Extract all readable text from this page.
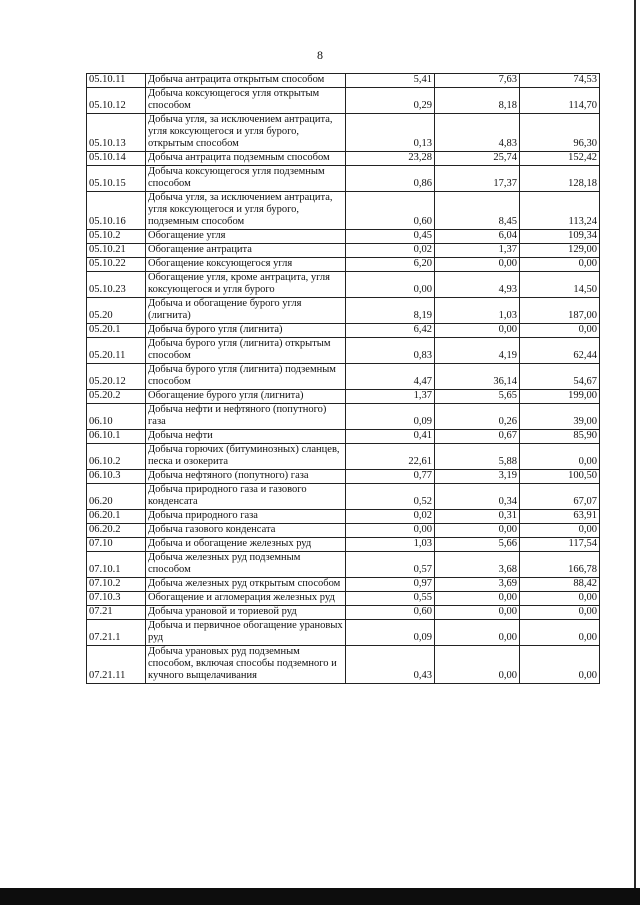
8
05.10.11	Добыча антрацита открытым способом	5,41	7,63	74,53
05.10.12	Добыча коксующегося угля открытым способом	0,29	8,18	114,70
05.10.13	Добыча угля, за исключением антрацита, угля коксующегося и угля бурого, открытым способом	0,13	4,83	96,30
05.10.14	Добыча антрацита подземным способом	23,28	25,74	152,42
05.10.15	Добыча коксующегося угля подземным способом	0,86	17,37	128,18
05.10.16	Добыча угля, за исключением антрацита, угля коксующегося и угля бурого, подземным способом	0,60	8,45	113,24
05.10.2	Обогащение угля	0,45	6,04	109,34
05.10.21	Обогащение антрацита	0,02	1,37	129,00
05.10.22	Обогащение коксующегося угля	6,20	0,00	0,00
05.10.23	Обогащение угля, кроме антрацита, угля коксующегося и угля бурого	0,00	4,93	14,50
05.20	Добыча и обогащение бурого угля (лигнита)	8,19	1,03	187,00
05.20.1	Добыча бурого угля (лигнита)	6,42	0,00	0,00
05.20.11	Добыча бурого угля (лигнита) открытым способом	0,83	4,19	62,44
05.20.12	Добыча бурого угля (лигнита) подземным способом	4,47	36,14	54,67
05.20.2	Обогащение бурого угля (лигнита)	1,37	5,65	199,00
06.10	Добыча нефти и нефтяного (попутного) газа	0,09	0,26	39,00
06.10.1	Добыча нефти	0,41	0,67	85,90
06.10.2	Добыча горючих (битуминозных) сланцев, песка и озокерита	22,61	5,88	0,00
06.10.3	Добыча нефтяного (попутного) газа	0,77	3,19	100,50
06.20	Добыча природного газа и газового конденсата	0,52	0,34	67,07
06.20.1	Добыча природного газа	0,02	0,31	63,91
06.20.2	Добыча газового конденсата	0,00	0,00	0,00
07.10	Добыча и обогащение железных руд	1,03	5,66	117,54
07.10.1	Добыча железных руд подземным способом	0,57	3,68	166,78
07.10.2	Добыча железных руд открытым способом	0,97	3,69	88,42
07.10.3	Обогащение и агломерация железных руд	0,55	0,00	0,00
07.21	Добыча урановой и ториевой руд	0,60	0,00	0,00
07.21.1	Добыча и первичное обогащение урановых руд	0,09	0,00	0,00
07.21.11	Добыча урановых руд подземным способом, включая способы подземного и кучного выщелачивания	0,43	0,00	0,00
